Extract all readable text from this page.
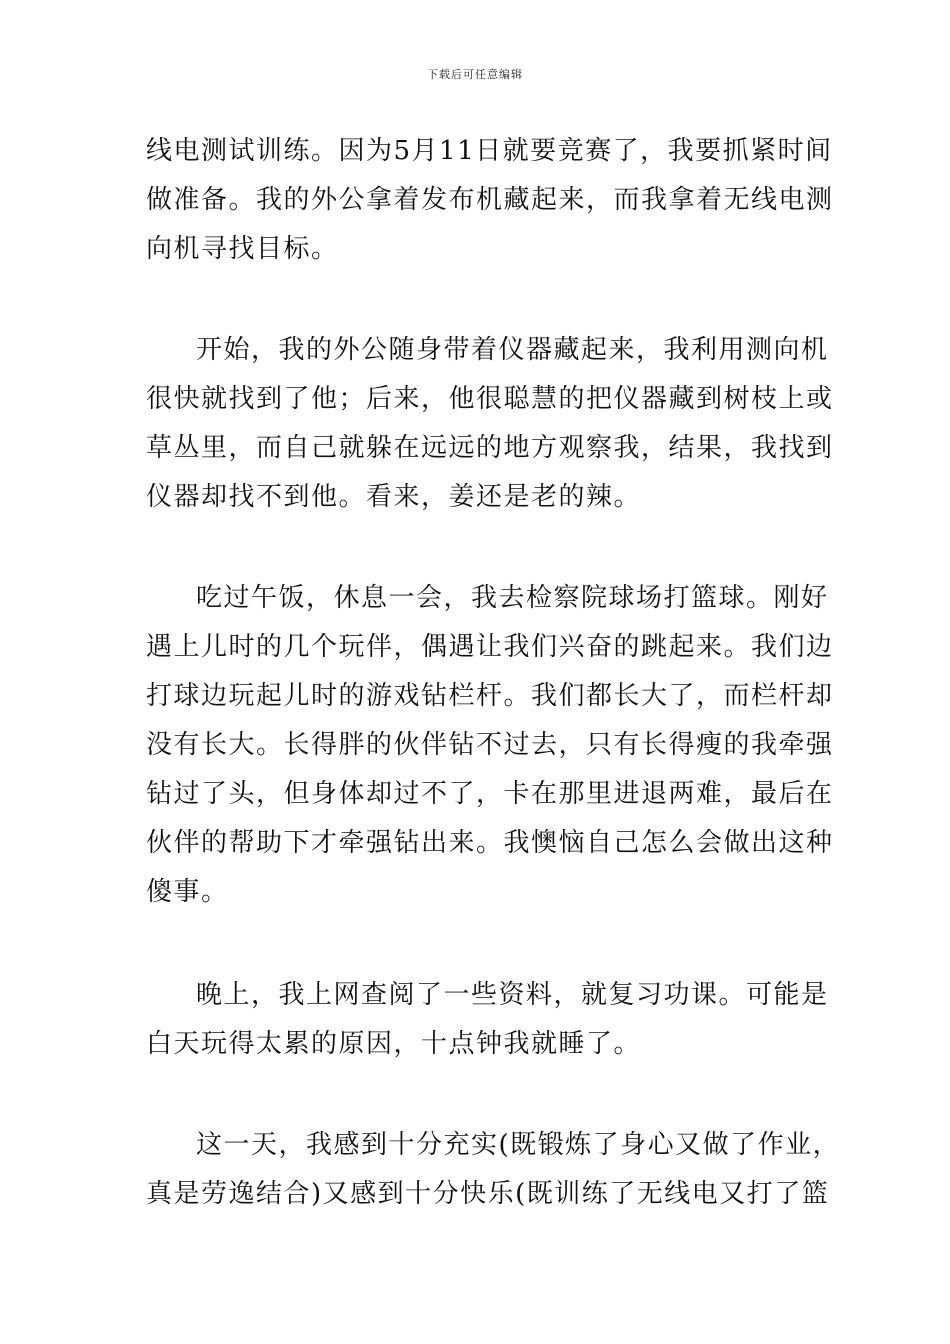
下载后可任意编辑
线电测试训练。因为5月11日就要竞赛了，我要抓紧时间
做准备。我的外公拿着发布机藏起来，而我拿着无线电测
向机寻找目标。
开始，我的外公随身带着仪器藏起来，我利用测向机
很快就找到了他；后来，他很聪慧的把仪器藏到树枝上或
草丛里，而自己就躲在远远的地方观察我，结果，我找到
仪器却找不到他。看来，姜还是老的辣。
吃过午饭，休息一会，我去检察院球场打篮球。刚好
遇上儿时的几个玩伴，偶遇让我们兴奋的跳起来。我们边
打球边玩起儿时的游戏钻栏杆。我们都长大了，而栏杆却
没有长大。长得胖的伙伴钻不过去，只有长得瘦的我牵强
钻过了头，但身体却过不了，卡在那里进退两难，最后在
伙伴的帮助下才牵强钻出来。我懊恼自己怎么会做出这种
傻事。
晚上，我上网查阅了一些资料，就复习功课。可能是
白天玩得太累的原因，十点钟我就睡了。
这一天，我感到十分充实(既锻炼了身心又做了作业，
真是劳逸结合)又感到十分快乐(既训练了无线电又打了篮
